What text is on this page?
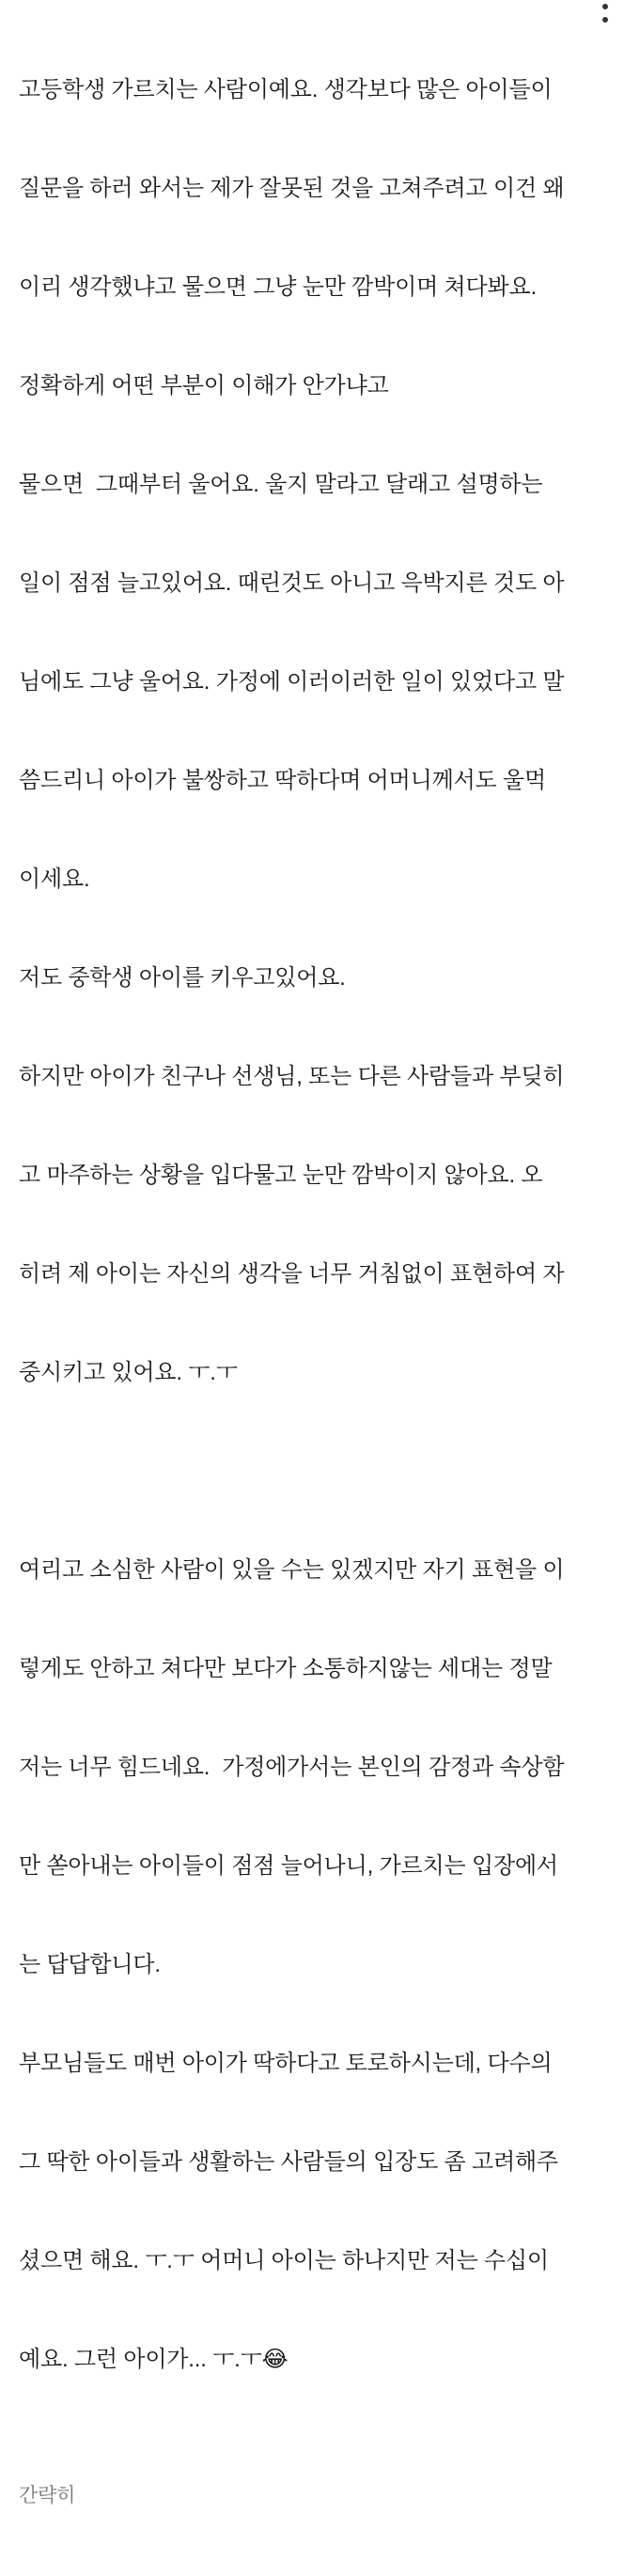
고등학생 가르치는 사람이예요. 생각보다 많은 아이들이

질문을 하러 와서는 제가 잘못된 것을 고쳐주려고 이건 왜

이리 생각했냐고 물으면 그냥 눈만 깜박이며 쳐다봐요.

정확하게 어떤 부분이 이해가 안가냐고

물으면  그때부터 울어요. 울지 말라고 달래고 설명하는

일이 점점 늘고있어요. 때린것도 아니고 윽박지른 것도 아

님에도 그냥 울어요. 가정에 이러이러한 일이 있었다고 말

씀드리니 아이가 불쌍하고 딱하다며 어머니께서도 울먹

이세요.

저도 중학생 아이를 키우고있어요.

하지만 아이가 친구나 선생님, 또는 다른 사람들과 부딪히

고 마주하는 상황을 입다물고 눈만 깜박이지 않아요. 오

히려 제 아이는 자신의 생각을 너무 거침없이 표현하여 자

중시키고 있어요. ㅜ.ㅜ

여리고 소심한 사람이 있을 수는 있겠지만 자기 표현을 이

렇게도 안하고 쳐다만 보다가 소통하지않는 세대는 정말

저는 너무 힘드네요.  가정에가서는 본인의 감정과 속상함

만 쏟아내는 아이들이 점점 늘어나니, 가르치는 입장에서

는 답답합니다.

부모님들도 매번 아이가 딱하다고 토로하시는데, 다수의

그 딱한 아이들과 생활하는 사람들의 입장도 좀 고려해주

셨으면 해요. ㅜ.ㅜ 어머니 아이는 하나지만 저는 수십이

예요. 그런 아이가... ㅜ.ㅜ😂

간략히
